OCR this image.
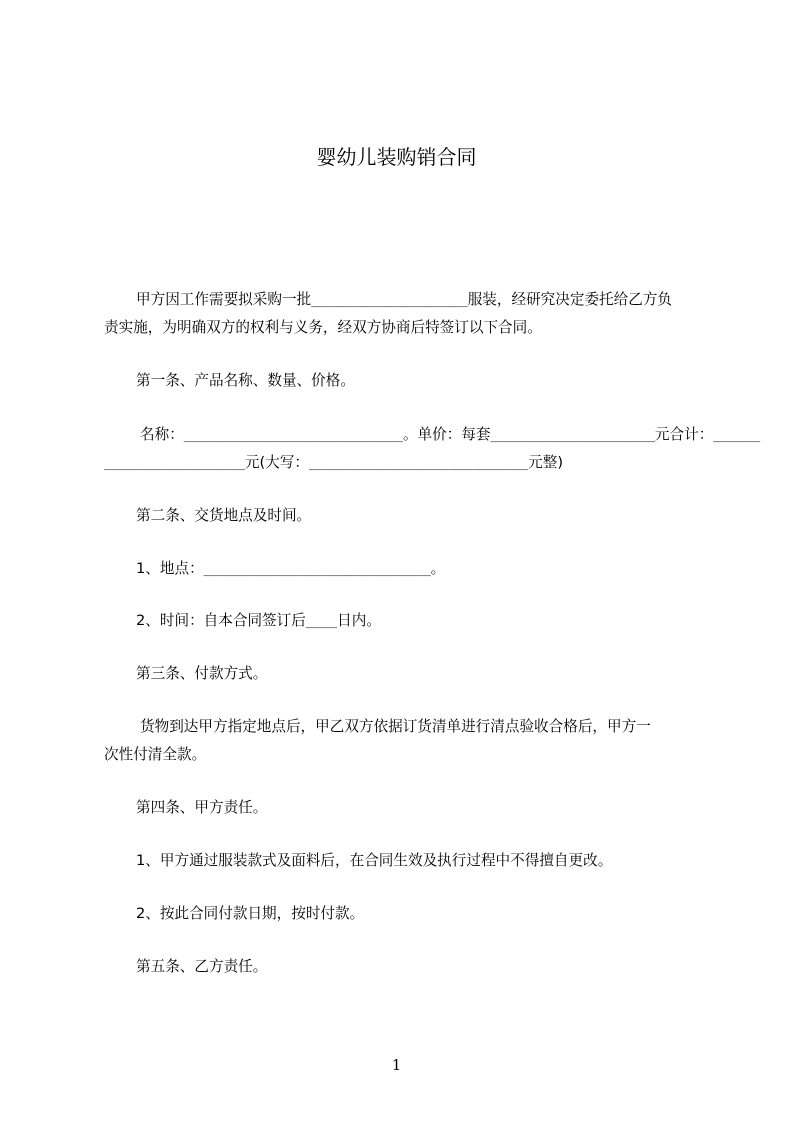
婴幼儿装购销合同
甲方因工作需要拟采购一批____________________服装，经研究决定委托给乙方负
责实施，为明确双方的权利与义务，经双方协商后特签订以下合同。
第一条、产品名称、数量、价格。
名称：____________________________。单价：每套_____________________元合计：______
__________________元(大写：____________________________元整)
第二条、交货地点及时间。
1、地点：_____________________________。
2、时间：自本合同签订后____日内。
第三条、付款方式。
货物到达甲方指定地点后，甲乙双方依据订货清单进行清点验收合格后，甲方一
次性付清全款。
第四条、甲方责任。
1、甲方通过服装款式及面料后，在合同生效及执行过程中不得擅自更改。
2、按此合同付款日期，按时付款。
第五条、乙方责任。
1
